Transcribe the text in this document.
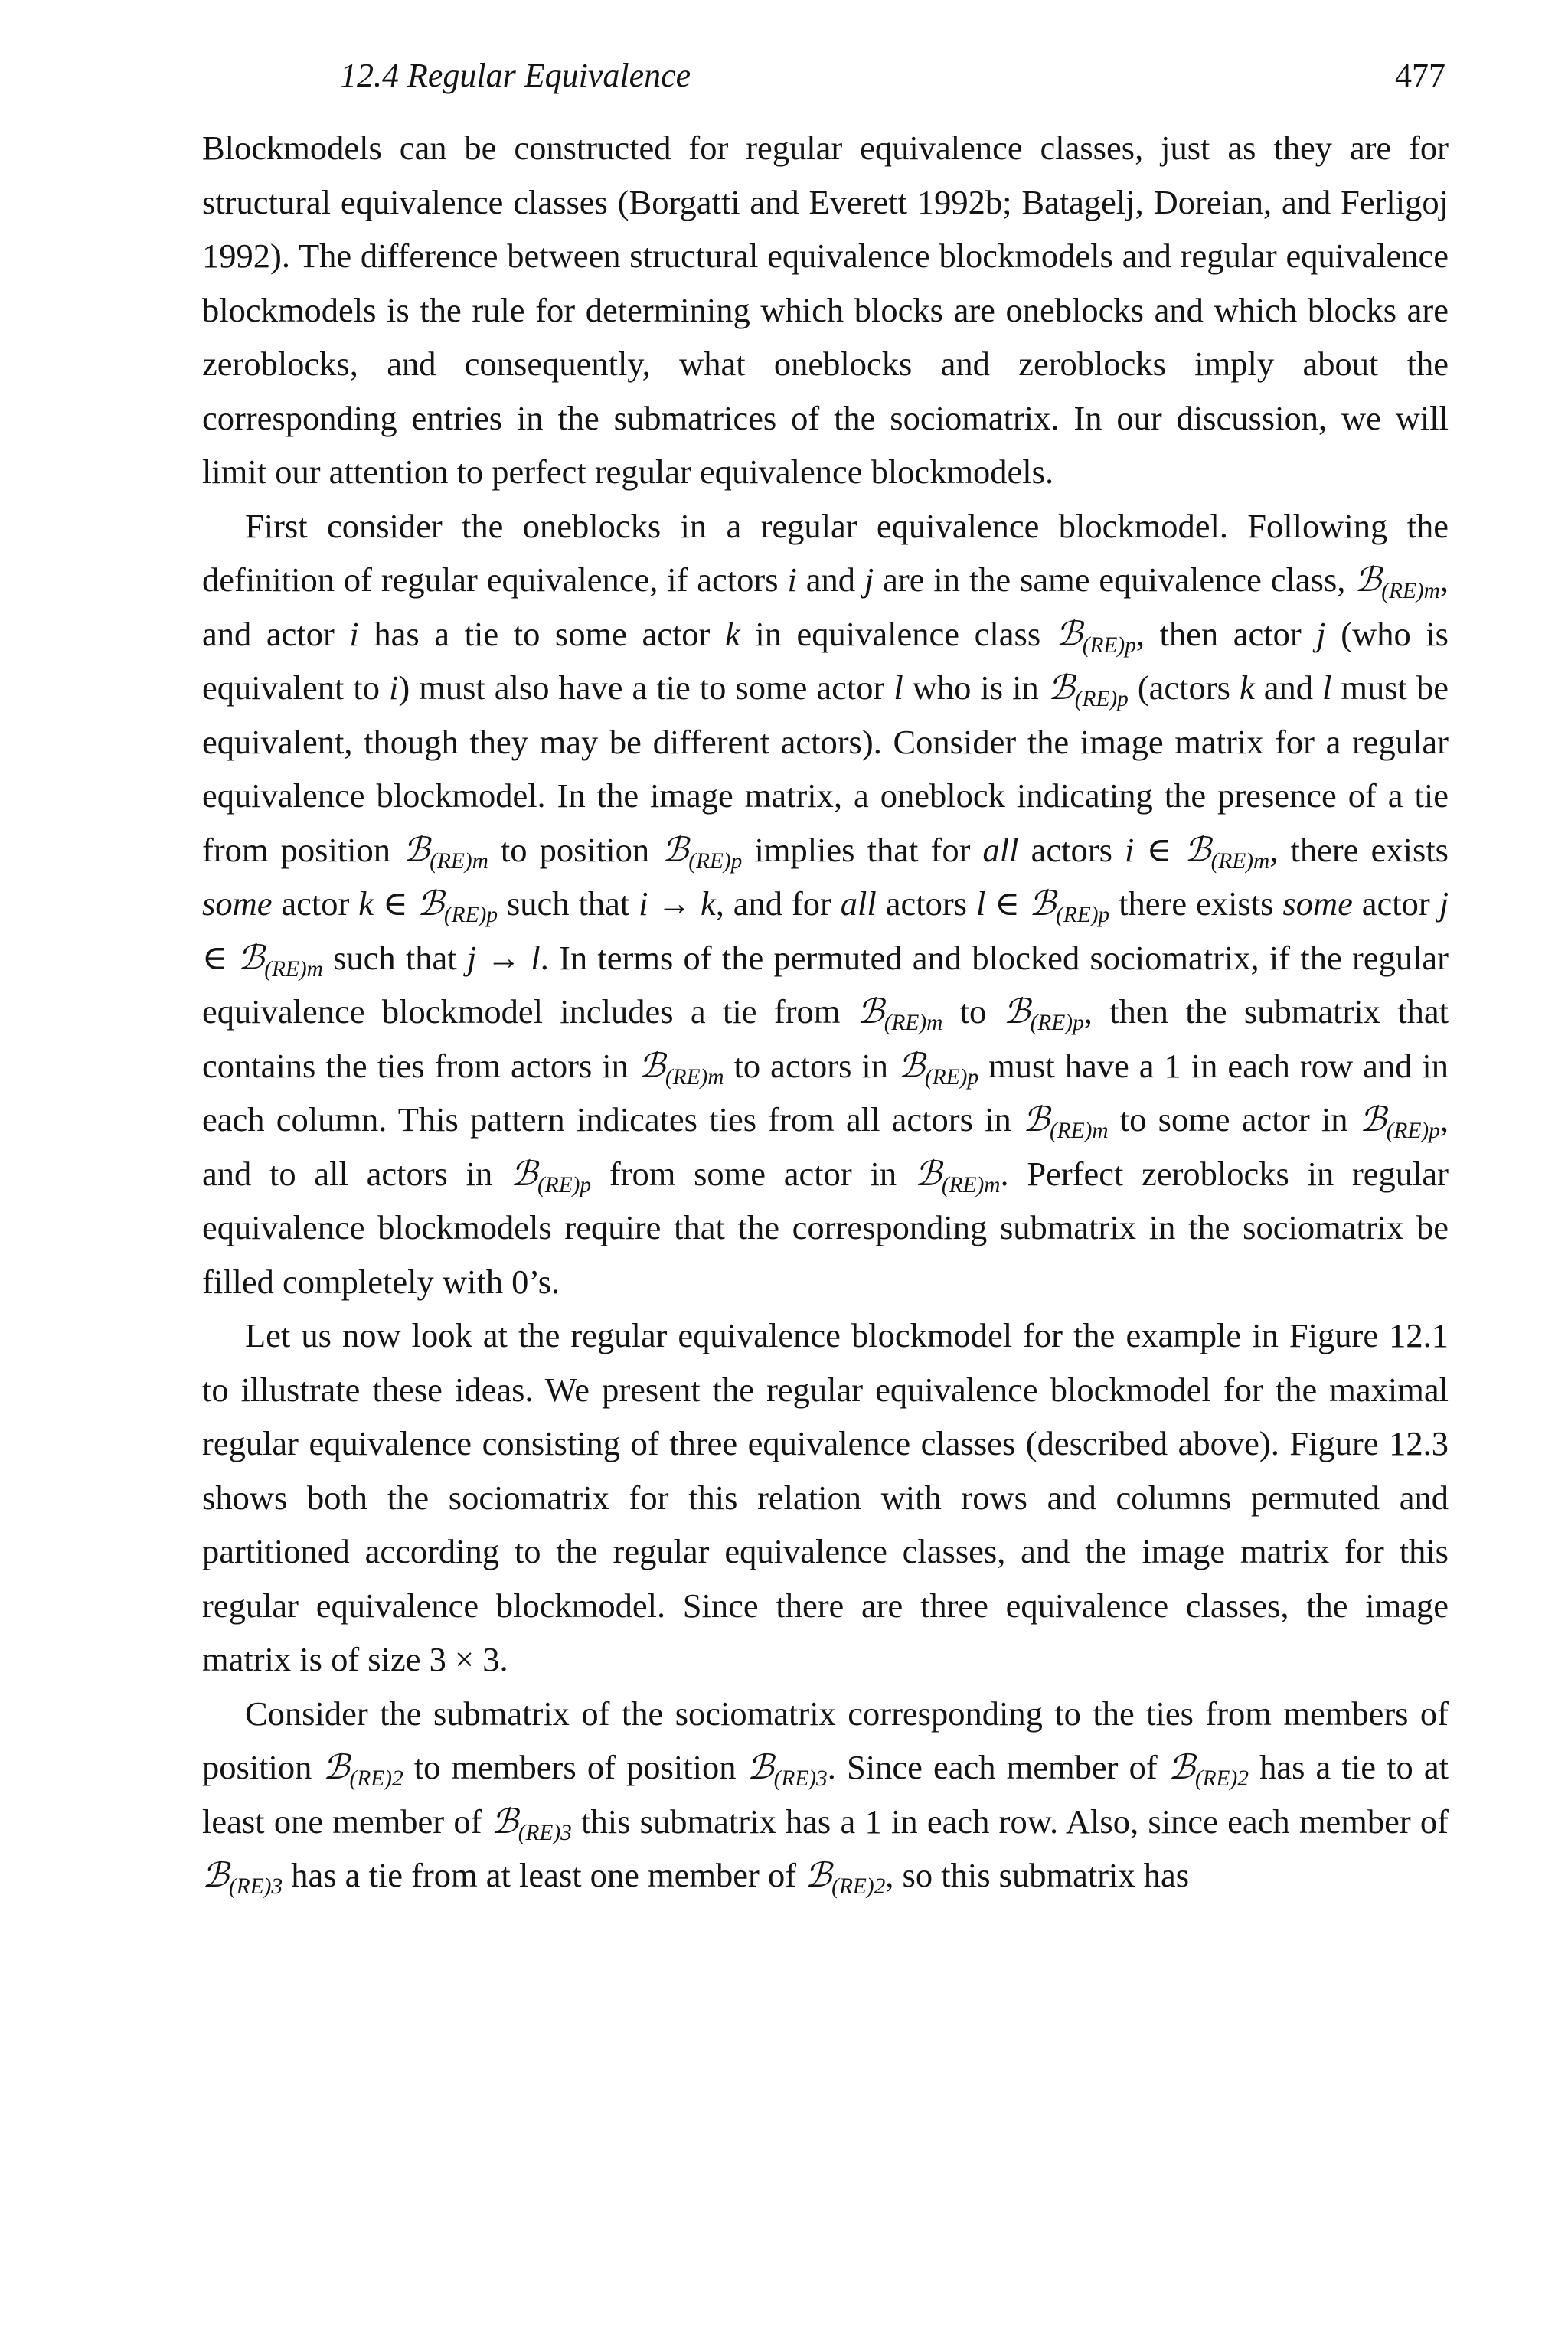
12.4 Regular Equivalence	477

Blockmodels can be constructed for regular equivalence classes, just as they are for structural equivalence classes (Borgatti and Everett 1992b; Batagelj, Doreian, and Ferligoj 1992). The difference between structural equivalence blockmodels and regular equivalence blockmodels is the rule for determining which blocks are oneblocks and which blocks are zeroblocks, and consequently, what oneblocks and zeroblocks imply about the corresponding entries in the submatrices of the sociomatrix. In our discussion, we will limit our attention to perfect regular equivalence blockmodels.

First consider the oneblocks in a regular equivalence blockmodel. Following the definition of regular equivalence, if actors i and j are in the same equivalence class, ℬ$_{(RE)m}$, and actor i has a tie to some actor k in equivalence class ℬ$_{(RE)p}$, then actor j (who is equivalent to i) must also have a tie to some actor l who is in ℬ$_{(RE)p}$ (actors k and l must be equivalent, though they may be different actors). Consider the image matrix for a regular equivalence blockmodel. In the image matrix, a oneblock indicating the presence of a tie from position ℬ$_{(RE)m}$ to position ℬ$_{(RE)p}$ implies that for all actors i ∈ ℬ$_{(RE)m}$, there exists some actor k ∈ ℬ$_{(RE)p}$ such that i → k, and for all actors l ∈ ℬ$_{(RE)p}$ there exists some actor j ∈ ℬ$_{(RE)m}$ such that j → l. In terms of the permuted and blocked sociomatrix, if the regular equivalence blockmodel includes a tie from ℬ$_{(RE)m}$ to ℬ$_{(RE)p}$, then the submatrix that contains the ties from actors in ℬ$_{(RE)m}$ to actors in ℬ$_{(RE)p}$ must have a 1 in each row and in each column. This pattern indicates ties from all actors in ℬ$_{(RE)m}$ to some actor in ℬ$_{(RE)p}$, and to all actors in ℬ$_{(RE)p}$ from some actor in ℬ$_{(RE)m}$. Perfect zeroblocks in regular equivalence blockmodels require that the corresponding submatrix in the sociomatrix be filled completely with 0’s.

Let us now look at the regular equivalence blockmodel for the example in Figure 12.1 to illustrate these ideas. We present the regular equivalence blockmodel for the maximal regular equivalence consisting of three equivalence classes (described above). Figure 12.3 shows both the sociomatrix for this relation with rows and columns permuted and partitioned according to the regular equivalence classes, and the image matrix for this regular equivalence blockmodel. Since there are three equivalence classes, the image matrix is of size 3 × 3.

Consider the submatrix of the sociomatrix corresponding to the ties from members of position ℬ$_{(RE)2}$ to members of position ℬ$_{(RE)3}$. Since each member of ℬ$_{(RE)2}$ has a tie to at least one member of ℬ$_{(RE)3}$ this submatrix has a 1 in each row. Also, since each member of ℬ$_{(RE)3}$ has a tie from at least one member of ℬ$_{(RE)2}$, so this submatrix has
